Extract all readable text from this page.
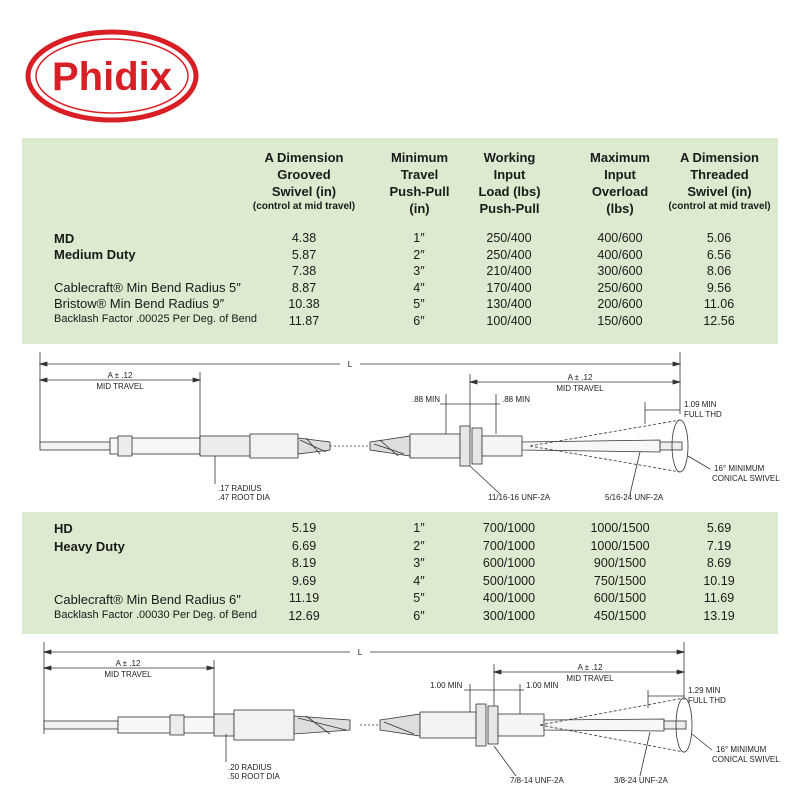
Phidix
A Dimension
Grooved
Swivel (in)
(control at mid travel)
Minimum
Travel
Push-Pull
(in)
Working
Input
Load (lbs)
Push-Pull
Maximum
Input
Overload
(lbs)
A Dimension
Threaded
Swivel (in)
(control at mid travel)
MD
Medium Duty
Cablecraft® Min Bend Radius 5″
Bristow® Min Bend Radius 9″
Backlash Factor .00025 Per Deg. of Bend
4.38	1″	250/400	400/600	5.06
5.87	2″	250/400	400/600	6.56
7.38	3″	210/400	300/600	8.06
8.87	4″	170/400	250/600	9.56
10.38	5″	130/400	200/600	11.06
11.87	6″	100/400	150/600	12.56
L
A ± .12
MID TRAVEL
A ± .12
MID TRAVEL
.88 MIN	.88 MIN
1.09 MIN
FULL THD
.17 RADIUS
.47 ROOT DIA	11/16-16 UNF-2A	5/16-24 UNF-2A
16° MINIMUM
CONICAL SWIVEL
HD
Heavy Duty
Cablecraft® Min Bend Radius 6″
Backlash Factor .00030 Per Deg. of Bend
5.19	1″	700/1000	1000/1500	5.69
6.69	2″	700/1000	1000/1500	7.19
8.19	3″	600/1000	900/1500	8.69
9.69	4″	500/1000	750/1500	10.19
11.19	5″	400/1000	600/1500	11.69
12.69	6″	300/1000	450/1500	13.19
L
A ± .12
MID TRAVEL
A ± .12
MID TRAVEL
1.00 MIN	1.00 MIN
1.29 MIN
FULL THD
.20 RADIUS
.50 ROOT DIA	7/8-14 UNF-2A	3/8-24 UNF-2A
16° MINIMUM
CONICAL SWIVEL
